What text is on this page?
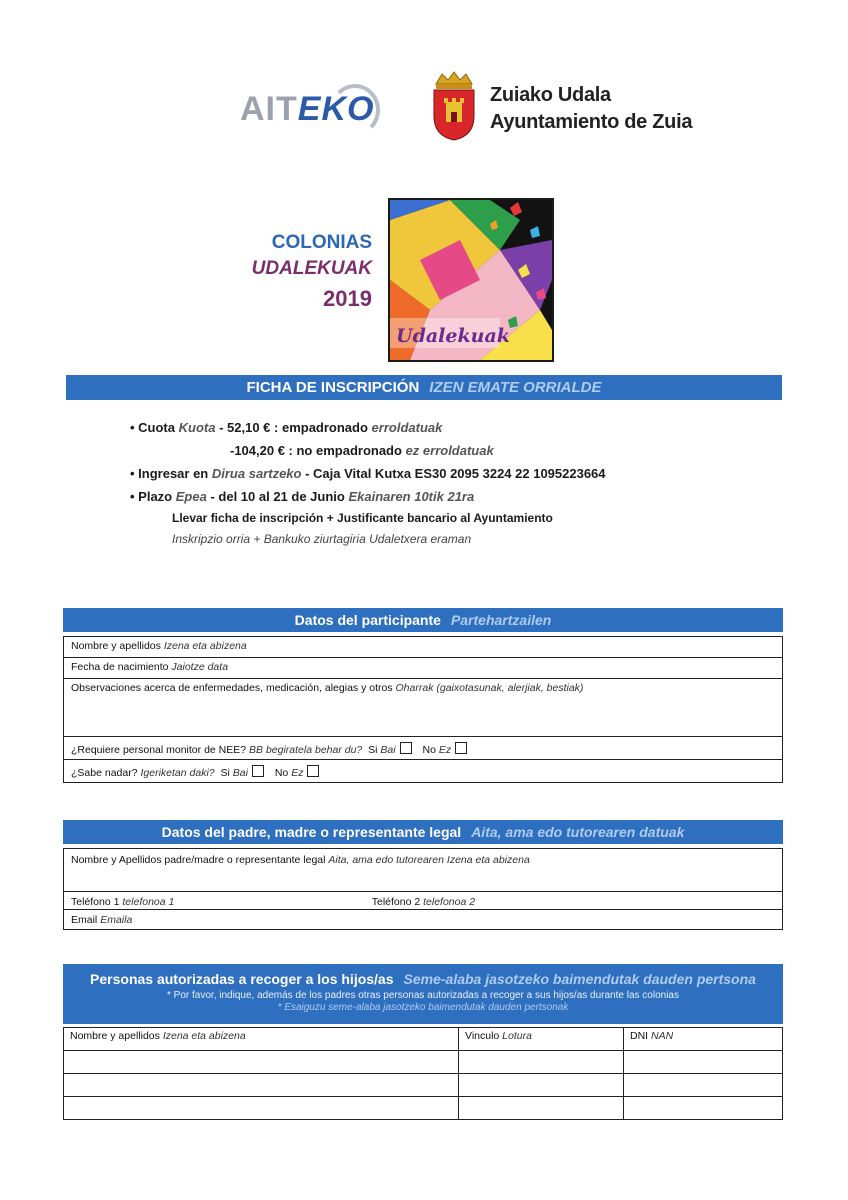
AITEKO	Zuiako Udala
Ayuntamiento de Zuia
COLONIAS
UDALEKUAK
2019
Udalekuak
FICHA DE INSCRIPCIÓN IZEN EMATE ORRIALDE
• Cuota Kuota - 52,10 € : empadronado erroldatuak
-104,20 € : no empadronado ez erroldatuak
• Ingresar en Dirua sartzeko - Caja Vital Kutxa ES30 2095 3224 22 1095223664
• Plazo Epea - del 10 al 21 de Junio Ekainaren 10tik 21ra
Llevar ficha de inscripción + Justificante bancario al Ayuntamiento
Inskripzio orria + Bankuko ziurtagiria Udaletxera eraman
Datos del participante Partehartzailen
Nombre y apellidos Izena eta abizena
Fecha de nacimiento Jaiotze data
Observaciones acerca de enfermedades, medicación, alegias y otros Oharrak (gaixotasunak, alerjiak, bestiak)
¿Requiere personal monitor de NEE? BB begiratela behar du? Si Bai	No Ez
¿Sabe nadar? Igeriketan daki? Si Bai	No Ez
Datos del padre, madre o representante legal Aita, ama edo tutorearen datuak
Nombre y Apellidos padre/madre o representante legal Aita, ama edo tutorearen Izena eta abizena
Teléfono 1 telefonoa 1	Teléfono 2 telefonoa 2
Email Emaila
Personas autorizadas a recoger a los hijos/as Seme-alaba jasotzeko baimendutak dauden pertsona
* Por favor, indique, además de los padres otras personas autorizadas a recoger a sus hijos/as durante las colonias
* Esaiguzu seme-alaba jasotzeko baimendutak dauden pertsonak
Nombre y apellidos Izena eta abizena	Vinculo Lotura	DNI NAN
